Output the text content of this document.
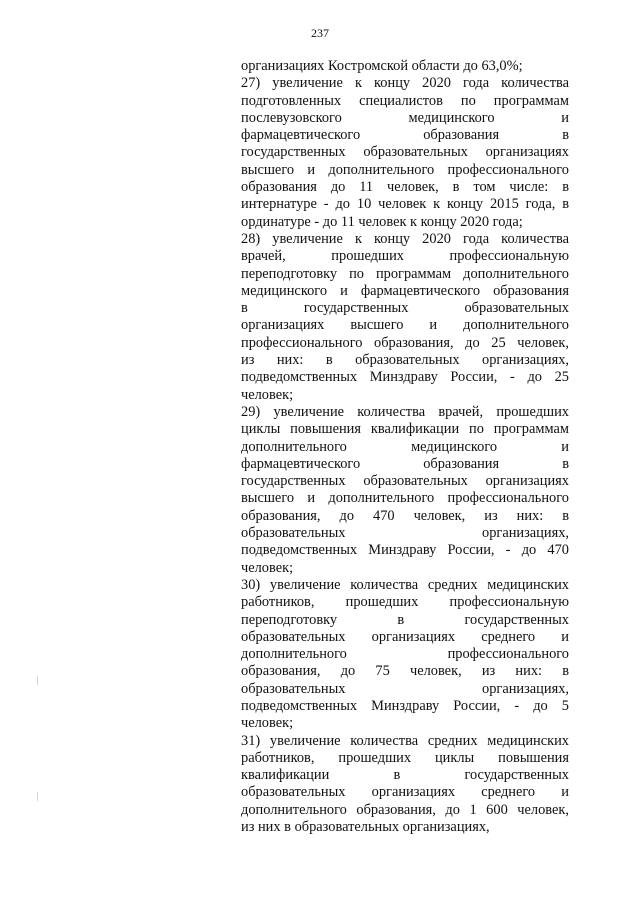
237
организациях Костромской области до 63,0%;
27) увеличение к концу 2020 года количества
подготовленных специалистов по программам
послевузовского медицинского и
фармацевтического образования в
государственных образовательных организациях
высшего и дополнительного профессионального
образования до 11 человек, в том числе: в
интернатуре - до 10 человек к концу 2015 года, в
ординатуре - до 11 человек к концу 2020 года;
28) увеличение к концу 2020 года количества
врачей, прошедших профессиональную
переподготовку по программам дополнительного
медицинского и фармацевтического образования
в государственных образовательных
организациях высшего и дополнительного
профессионального образования, до 25 человек,
из них: в образовательных организациях,
подведомственных Минздраву России, - до 25
человек;
29) увеличение количества врачей, прошедших
циклы повышения квалификации по программам
дополнительного медицинского и
фармацевтического образования в
государственных образовательных организациях
высшего и дополнительного профессионального
образования, до 470 человек, из них: в
образовательных организациях,
подведомственных Минздраву России, - до 470
человек;
30) увеличение количества средних медицинских
работников, прошедших профессиональную
переподготовку в государственных
образовательных организациях среднего и
дополнительного профессионального
образования, до 75 человек, из них: в
образовательных организациях,
подведомственных Минздраву России, - до 5
человек;
31) увеличение количества средних медицинских
работников, прошедших циклы повышения
квалификации в государственных
образовательных организациях среднего и
дополнительного образования, до 1 600 человек,
из них в образовательных организациях,
